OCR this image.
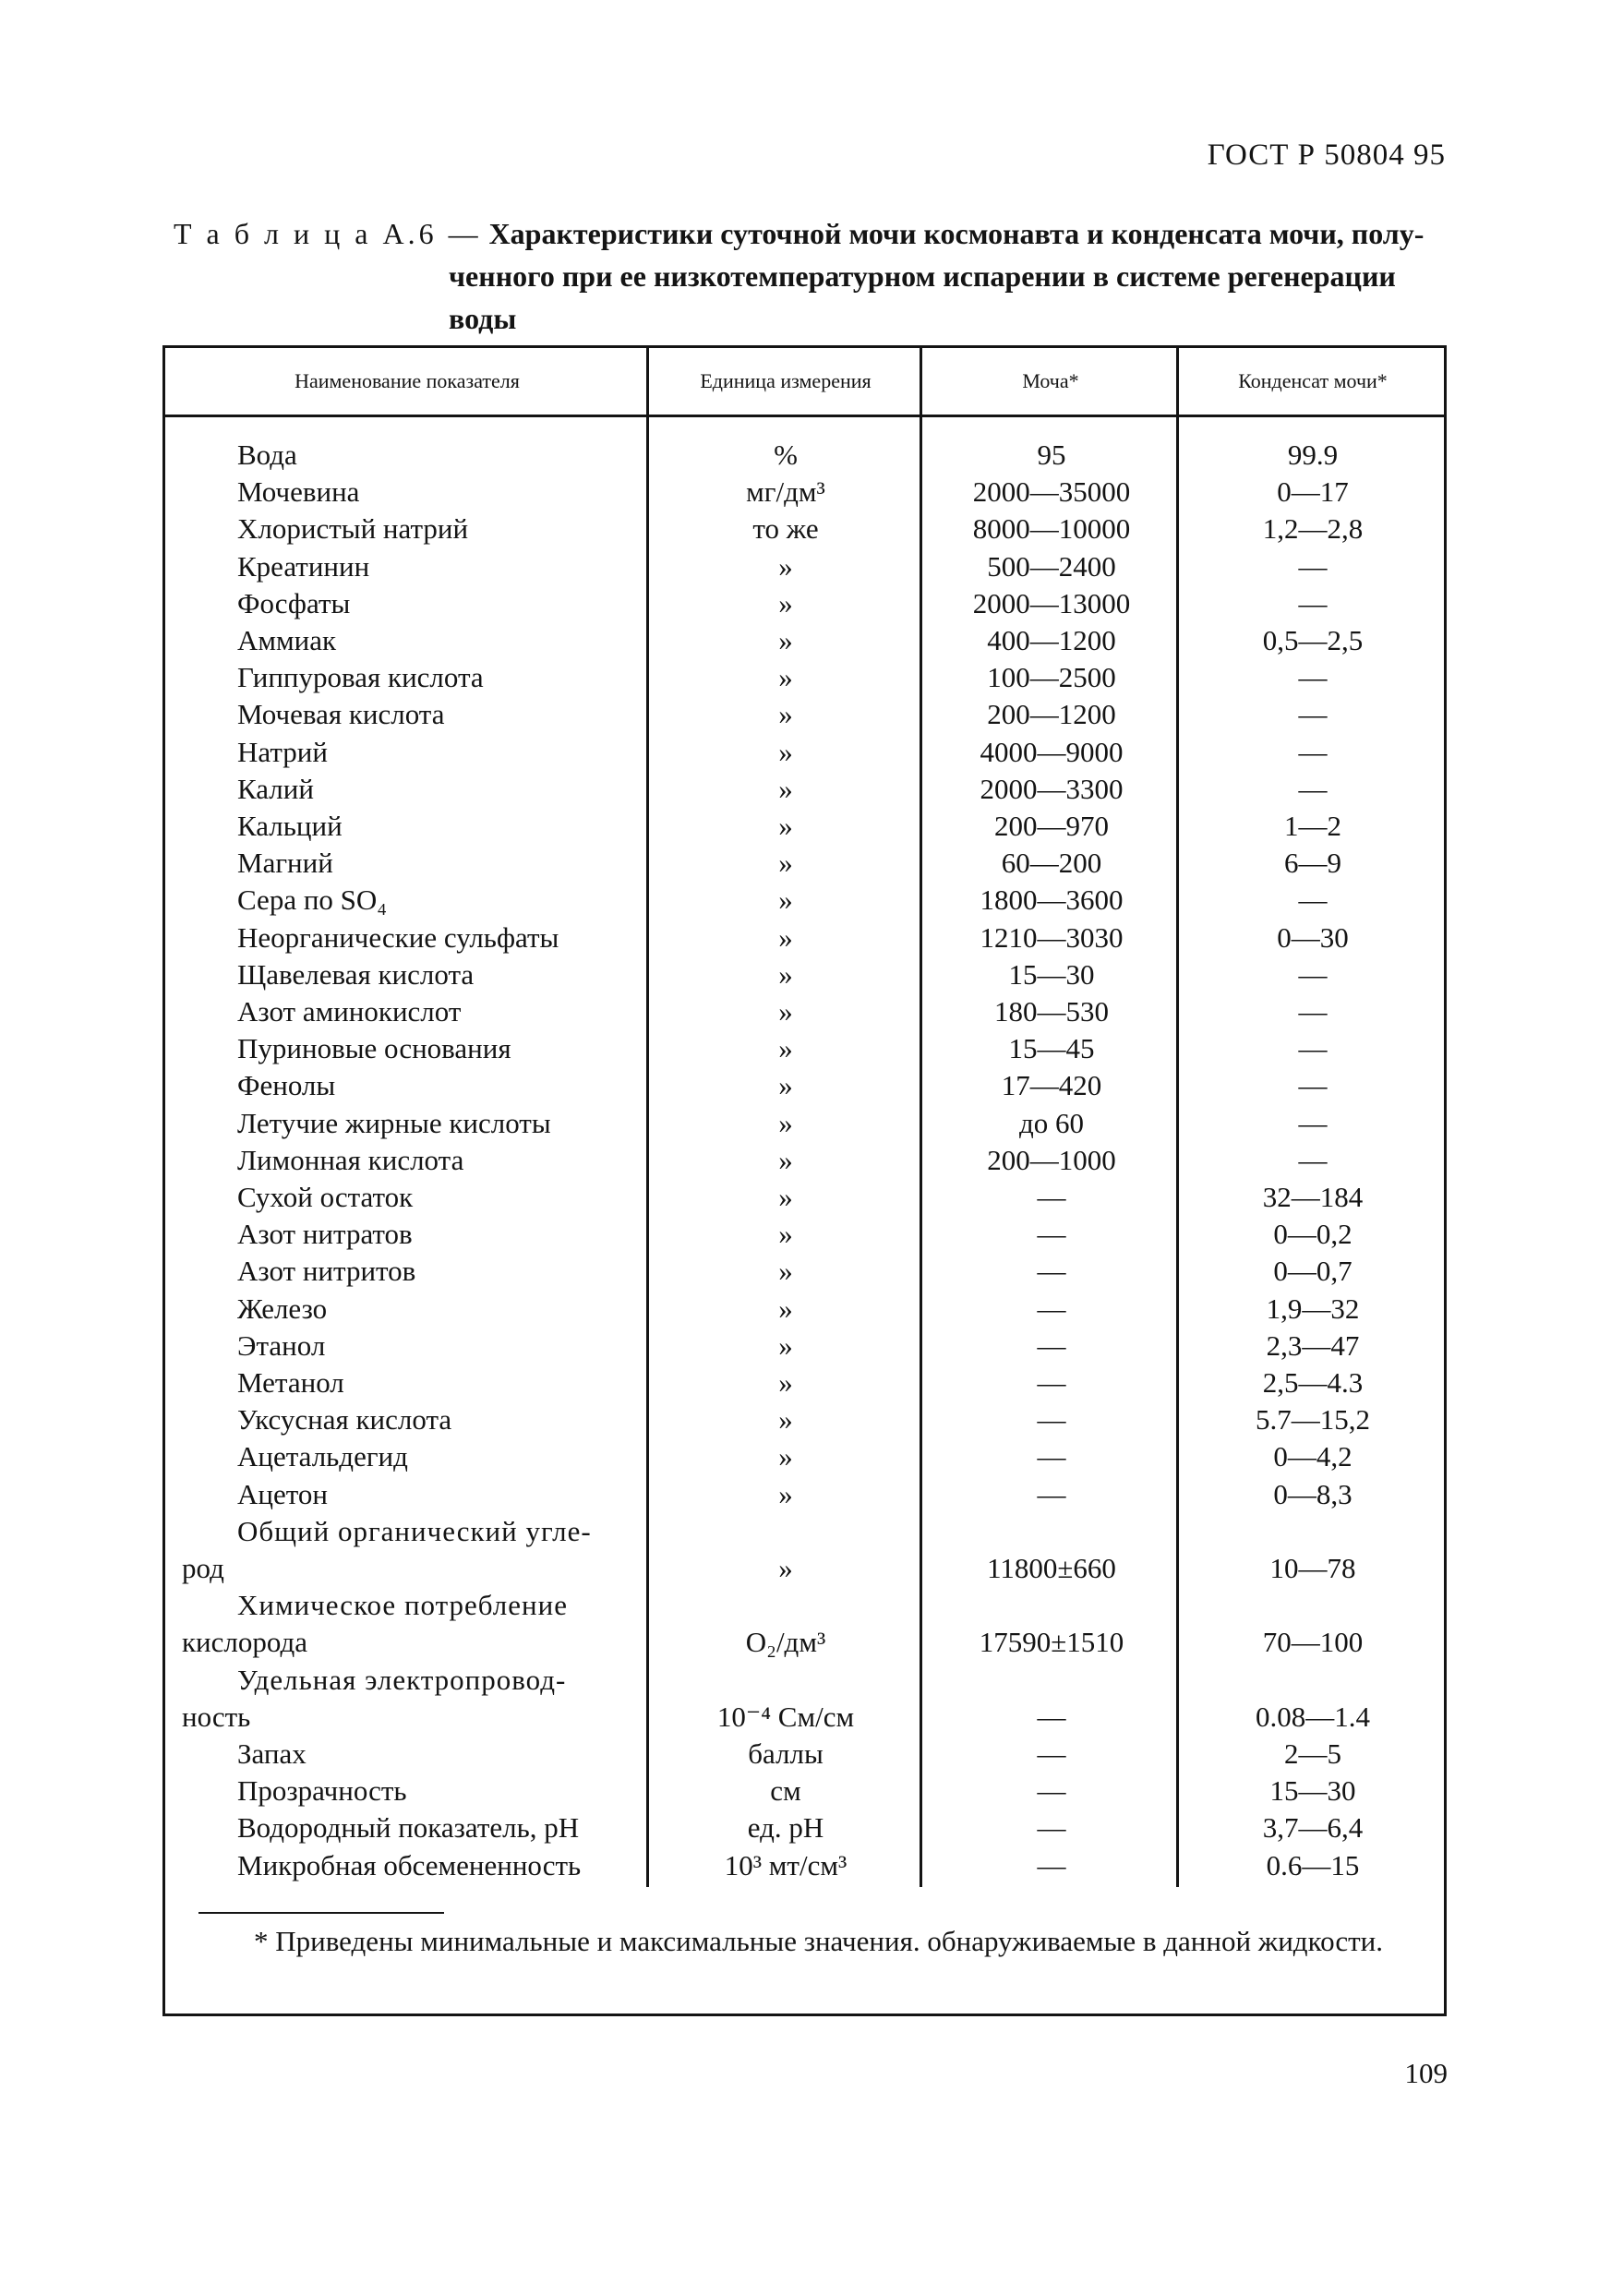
ГОСТ Р 50804 95
Т а б л и ц а А.6 — Характеристики суточной мочи космонавта и конденсата мочи, полу-
ченного при ее низкотемпературном испарении в системе регенерации
воды
Наименование показателя	Единица измерения	Моча*	Конденсат мочи*
Вода	%	95	99.9
Мочевина	мг/дм³	2000—35000	0—17
Хлористый натрий	то же	8000—10000	1,2—2,8
Креатинин	»	500—2400	—
Фосфаты	»	2000—13000	—
Аммиак	»	400—1200	0,5—2,5
Гиппуровая кислота	»	100—2500	—
Мочевая кислота	»	200—1200	—
Натрий	»	4000—9000	—
Калий	»	2000—3300	—
Кальций	»	200—970	1—2
Магний	»	60—200	6—9
Сера по SO₄	»	1800—3600	—
Неорганические сульфаты	»	1210—3030	0—30
Щавелевая кислота	»	15—30	—
Азот аминокислот	»	180—530	—
Пуриновые основания	»	15—45	—
Фенолы	»	17—420	—
Летучие жирные кислоты	»	до 60	—
Лимонная кислота	»	200—1000	—
Сухой остаток	»	—	32—184
Азот нитратов	»	—	0—0,2
Азот нитритов	»	—	0—0,7
Железо	»	—	1,9—32
Этанол	»	—	2,3—47
Метанол	»	—	2,5—4.3
Уксусная кислота	»	—	5.7—15,2
Ацетальдегид	»	—	0—4,2
Ацетон	»	—	0—8,3
Общий органический угле-
род	»	11800±660	10—78
Химическое потребление
кислорода	O₂/дм³	17590±1510	70—100
Удельная электропровод-
ность	10⁻⁴ См/см	—	0.08—1.4
Запах	баллы	—	2—5
Прозрачность	см	—	15—30
Водородный показатель, pH	ед. pH	—	3,7—6,4
Микробная обсемененность	10³ мт/см³	—	0.6—15
* Приведены минимальные и максимальные значения. обнаруживаемые в данной жидкости.
109
